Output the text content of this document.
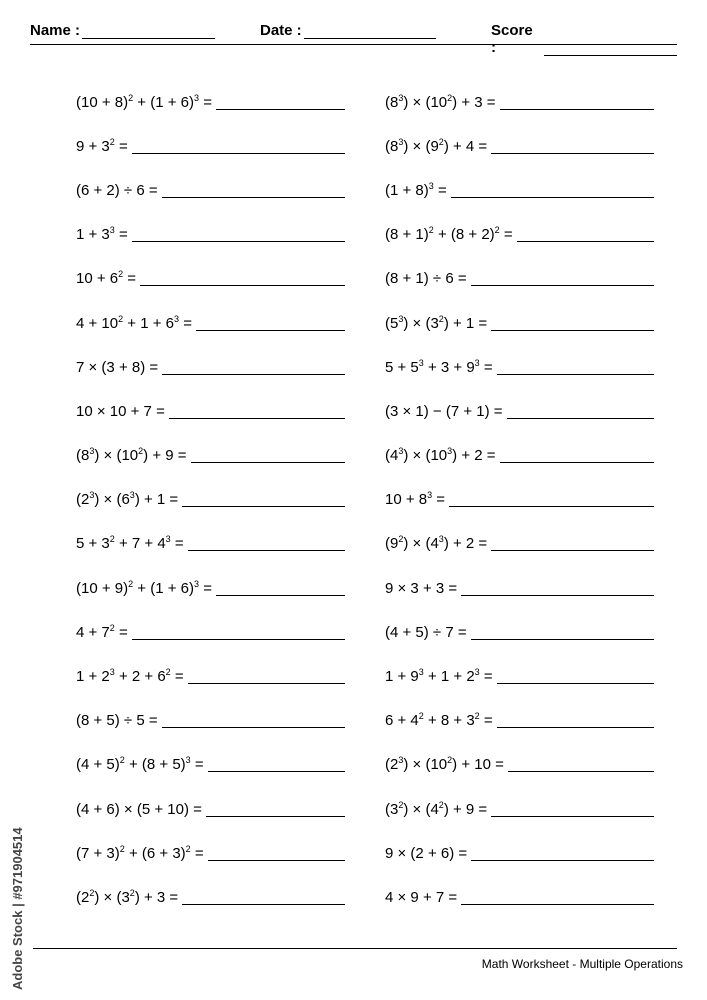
Name :	Date :	Score :
$(10 + 8)^2 + (1 + 6)^3$ =
$9 + 3^2$ =
(6 + 2) ÷ 6 =
$1 + 3^3$ =
$10 + 6^2$ =
$4 + 10^2 + 1 + 6^3$ =
7 × (3 + 8) =
10 × 10 + 7 =
$(8^3) \times (10^2) + 9$ =
$(2^3) \times (6^3) + 1$ =
$5 + 3^2 + 7 + 4^3$ =
$(10 + 9)^2 + (1 + 6)^3$ =
$4 + 7^2$ =
$1 + 2^3 + 2 + 6^2$ =
(8 + 5) ÷ 5 =
$(4 + 5)^2 + (8 + 5)^3$ =
(4 + 6) × (5 + 10) =
$(7 + 3)^2 + (6 + 3)^2$ =
$(2^2) \times (3^2) + 3$ =
$(8^3) \times (10^2) + 3$ =
$(8^3) \times (9^2) + 4$ =
$(1 + 8)^3$ =
$(8 + 1)^2 + (8 + 2)^2$ =
(8 + 1) ÷ 6 =
$(5^3) \times (3^2) + 1$ =
$5 + 5^3 + 3 + 9^3$ =
(3 × 1) − (7 + 1) =
$(4^3) \times (10^3) + 2$ =
$10 + 8^3$ =
$(9^2) \times (4^3) + 2$ =
9 × 3 + 3 =
(4 + 5) ÷ 7 =
$1 + 9^3 + 1 + 2^3$ =
$6 + 4^2 + 8 + 3^2$ =
$(2^3) \times (10^2) + 10$ =
$(3^2) \times (4^2) + 9$ =
9 × (2 + 6) =
4 × 9 + 7 =
Adobe Stock | #971904514	Math Worksheet - Multiple Operations
